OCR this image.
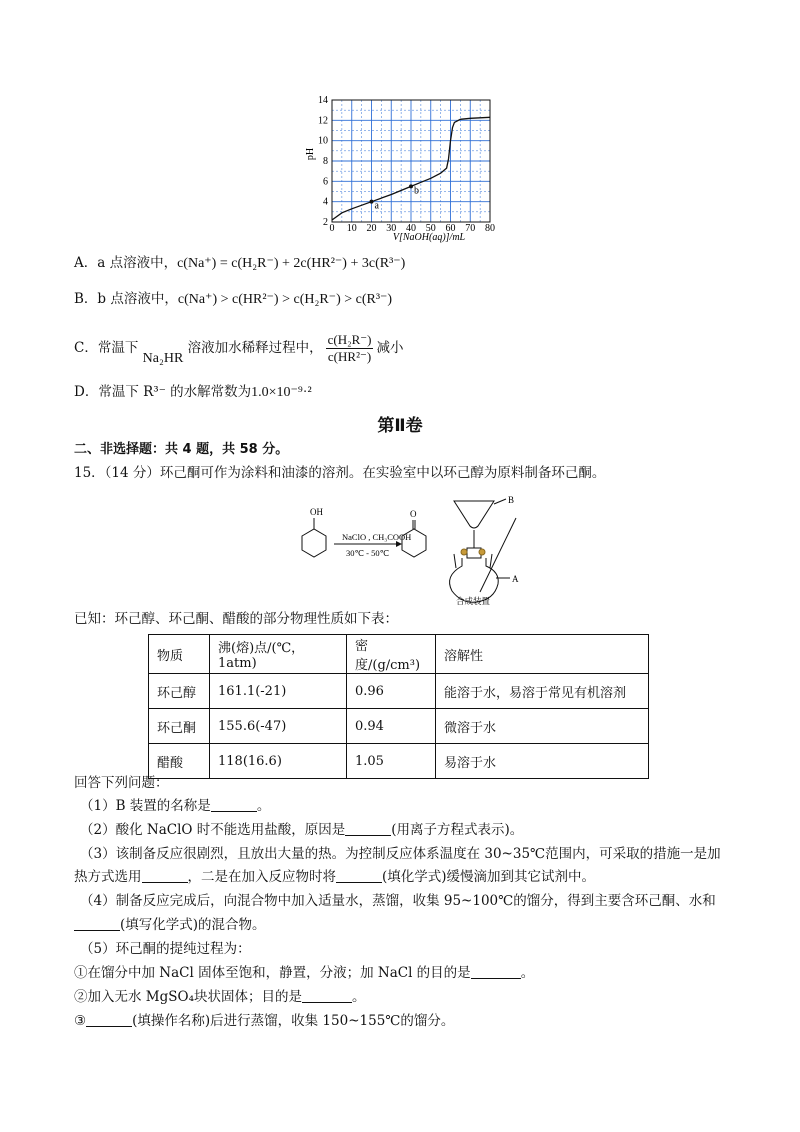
0 10 20 30 40 50 60 70 80
2
4
6
8
10
12
14
a
b
pH
V[NaOH(aq)]/mL
A．a 点溶液中，c(Na⁺) = c(H₂R⁻) + 2c(HR²⁻) + 3c(R³⁻)
B．b 点溶液中，c(Na⁺) > c(HR²⁻) > c(H₂R⁻) > c(R³⁻)
C．常温下 Na₂HR 溶液加水稀释过程中， $\frac{\text{c(H₂R⁻)}}{\text{c(HR²⁻)}}$ 减小
D．常温下 R³⁻ 的水解常数为1.0×10⁻⁹·²
第Ⅱ卷
二、非选择题：共 4 题，共 58 分。
15．（14 分）环己酮可作为涂料和油漆的溶剂。在实验室中以环己醇为原料制备环己酮。
OH
NaClO , CH₃COOH
30℃ - 50℃
O
B
A
合成装置
已知：环己醇、环己酮、醋酸的部分物理性质如下表：
物质	沸(熔)点/(℃，1atm)	密度/(g/cm³)	溶解性
环己醇	161.1(-21)	0.96	能溶于水，易溶于常见有机溶剂
环己酮	155.6(-47)	0.94	微溶于水
醋酸	118(16.6)	1.05	易溶于水
回答下列问题：
（1）B 装置的名称是	。
（2）酸化 NaClO 时不能选用盐酸，原因是	(用离子方程式表示)。
（3）该制备反应很剧烈，且放出大量的热。为控制反应体系温度在 30~35℃范围内，可采取的措施一是加
热方式选用	，二是在加入反应物时将	(填化学式)缓慢滴加到其它试剂中。
（4）制备反应完成后，向混合物中加入适量水，蒸馏，收集 95~100℃的馏分，得到主要含环己酮、水和
(填写化学式)的混合物。
（5）环己酮的提纯过程为：
①在馏分中加 NaCl 固体至饱和，静置，分液；加 NaCl 的目的是	。
②加入无水 MgSO₄块状固体；目的是	。
③	(填操作名称)后进行蒸馏，收集 150~155℃的馏分。
